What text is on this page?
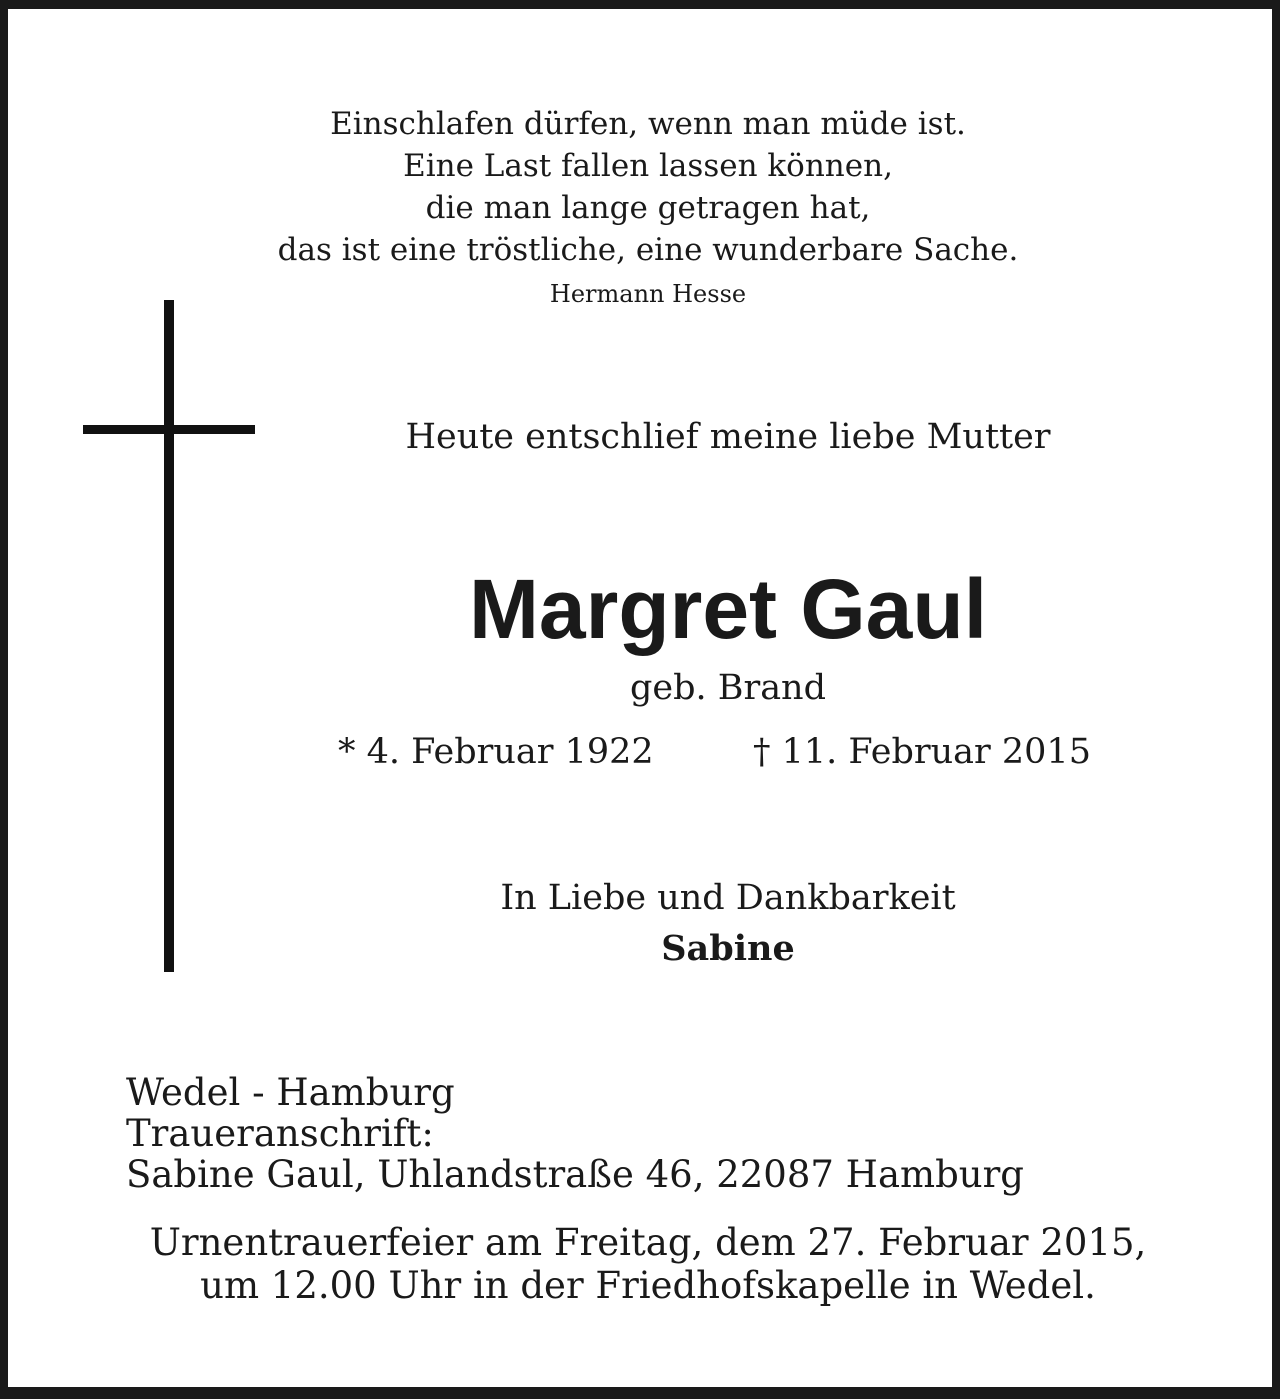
Einschlafen dürfen, wenn man müde ist.
Eine Last fallen lassen können,
die man lange getragen hat,
das ist eine tröstliche, eine wunderbare Sache.
Hermann Hesse
Heute entschlief meine liebe Mutter
Margret Gaul
geb. Brand
* 4. Februar 1922	† 11. Februar 2015
In Liebe und Dankbarkeit
Sabine
Wedel - Hamburg
Traueranschrift:
Sabine Gaul, Uhlandstraße 46, 22087 Hamburg
Urnentrauerfeier am Freitag, dem 27. Februar 2015,
um 12.00 Uhr in der Friedhofskapelle in Wedel.
